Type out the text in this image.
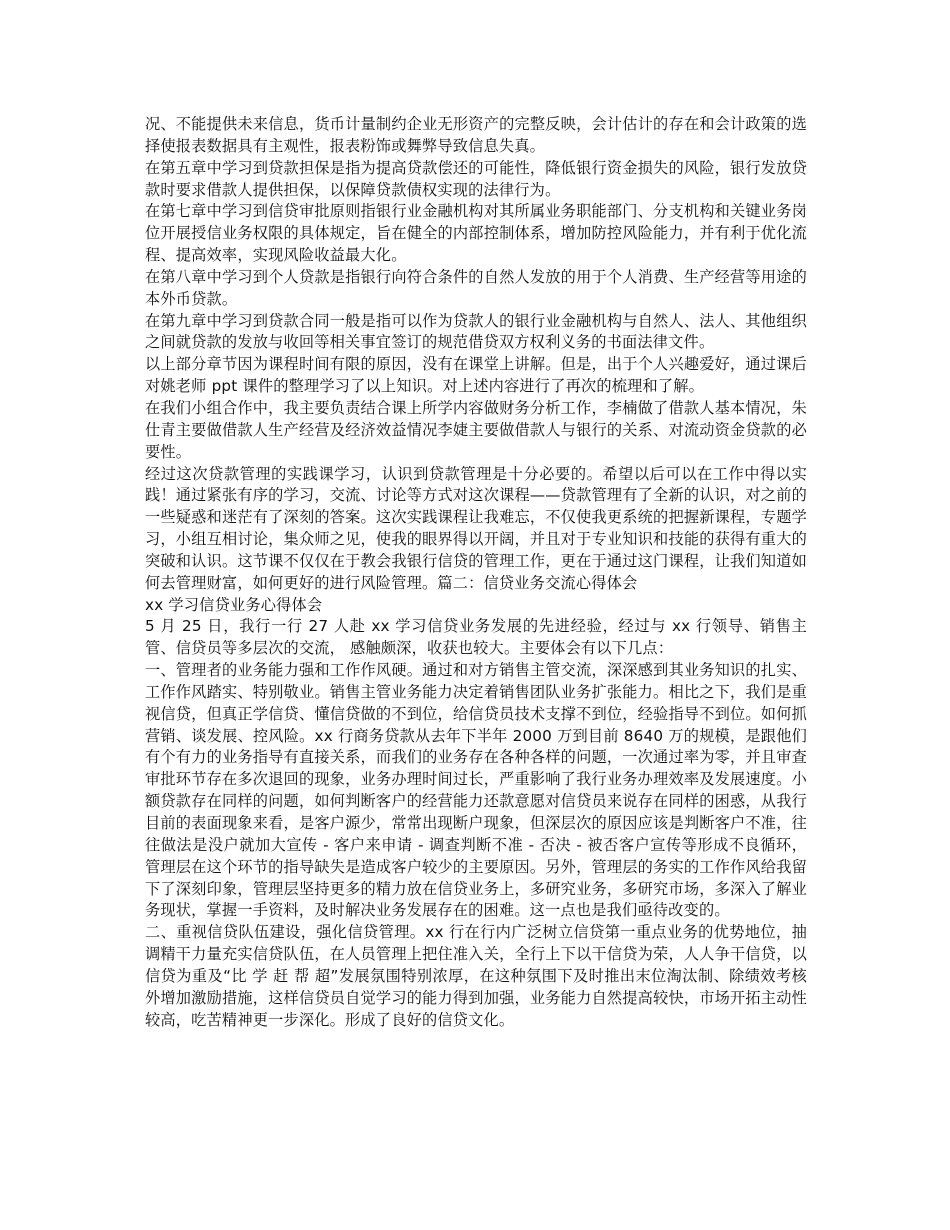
况、不能提供未来信息，货币计量制约企业无形资产的完整反映，会计估计的存在和会计政策的选择使报表数据具有主观性，报表粉饰或舞弊导致信息失真。

在第五章中学习到贷款担保是指为提高贷款偿还的可能性，降低银行资金损失的风险，银行发放贷款时要求借款人提供担保，以保障贷款债权实现的法律行为。

在第七章中学习到信贷审批原则指银行业金融机构对其所属业务职能部门、分支机构和关键业务岗位开展授信业务权限的具体规定，旨在健全的内部控制体系，增加防控风险能力，并有利于优化流程、提高效率，实现风险收益最大化。

在第八章中学习到个人贷款是指银行向符合条件的自然人发放的用于个人消费、生产经营等用途的本外币贷款。

在第九章中学习到贷款合同一般是指可以作为贷款人的银行业金融机构与自然人、法人、其他组织之间就贷款的发放与收回等相关事宜签订的规范借贷双方权利义务的书面法律文件。

以上部分章节因为课程时间有限的原因，没有在课堂上讲解。但是，出于个人兴趣爱好，通过课后对姚老师 ppt 课件的整理学习了以上知识。对上述内容进行了再次的梳理和了解。

在我们小组合作中，我主要负责结合课上所学内容做财务分析工作，李楠做了借款人基本情况，朱仕青主要做借款人生产经营及经济效益情况李婕主要做借款人与银行的关系、对流动资金贷款的必要性。

经过这次贷款管理的实践课学习，认识到贷款管理是十分必要的。希望以后可以在工作中得以实践！通过紧张有序的学习，交流、讨论等方式对这次课程——贷款管理有了全新的认识，对之前的一些疑惑和迷茫有了深刻的答案。这次实践课程让我难忘，不仅使我更系统的把握新课程，专题学习，小组互相讨论，集众师之见，使我的眼界得以开阔，并且对于专业知识和技能的获得有重大的突破和认识。这节课不仅仅在于教会我银行信贷的管理工作，更在于通过这门课程，让我们知道如何去管理财富，如何更好的进行风险管理。篇二：信贷业务交流心得体会

xx 学习信贷业务心得体会

5 月 25 日，我行一行 27 人赴 xx 学习信贷业务发展的先进经验，经过与 xx 行领导、销售主管、信贷员等多层次的交流， 感触颇深，收获也较大。主要体会有以下几点：

一、管理者的业务能力强和工作作风硬。通过和对方销售主管交流，深深感到其业务知识的扎实、工作作风踏实、特别敬业。销售主管业务能力决定着销售团队业务扩张能力。相比之下，我们是重视信贷，但真正学信贷、懂信贷做的不到位，给信贷员技术支撑不到位，经验指导不到位。如何抓营销、谈发展、控风险。xx 行商务贷款从去年下半年 2000 万到目前 8640 万的规模，是跟他们有个有力的业务指导有直接关系，而我们的业务存在各种各样的问题，一次通过率为零，并且审查审批环节存在多次退回的现象，业务办理时间过长，严重影响了我行业务办理效率及发展速度。小额贷款存在同样的问题，如何判断客户的经营能力还款意愿对信贷员来说存在同样的困惑，从我行目前的表面现象来看，是客户源少，常常出现断户现象，但深层次的原因应该是判断客户不准，往往做法是没户就加大宣传 - 客户来申请 - 调查判断不准 - 否决 - 被否客户宣传等形成不良循环，管理层在这个环节的指导缺失是造成客户较少的主要原因。另外，管理层的务实的工作作风给我留下了深刻印象，管理层坚持更多的精力放在信贷业务上，多研究业务，多研究市场，多深入了解业务现状，掌握一手资料，及时解决业务发展存在的困难。这一点也是我们亟待改变的。

二、重视信贷队伍建设，强化信贷管理。xx 行在行内广泛树立信贷第一重点业务的优势地位，抽调精干力量充实信贷队伍，在人员管理上把住准入关，全行上下以干信贷为荣，人人争干信贷，以信贷为重及“比 学 赶 帮 超”发展氛围特别浓厚，在这种氛围下及时推出末位淘汰制、除绩效考核外增加激励措施，这样信贷员自觉学习的能力得到加强，业务能力自然提高较快，市场开拓主动性较高，吃苦精神更一步深化。形成了良好的信贷文化。
